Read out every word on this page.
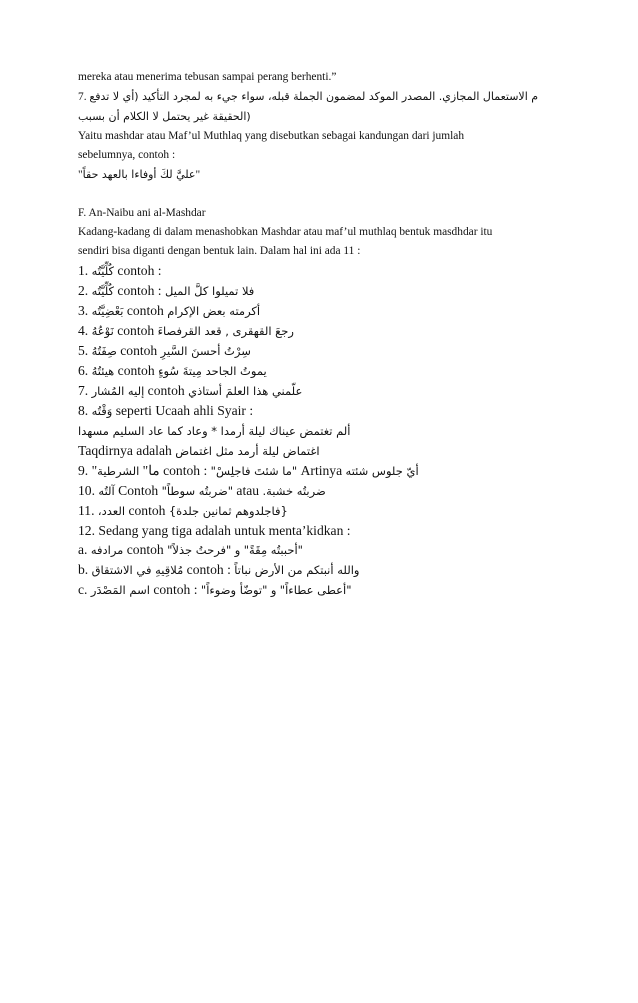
mereka atau menerima tebusan sampai perang berhenti.”
7. م الاستعمال المجازي. المصدر الموكد لمضمون الجملة قبله، سواء جيء به لمجرد التأكيد (أي لا تدفع
(الحقيقة غير يحتمل لا الكلام أن بسبب
Yaitu mashdar atau Maf’ul Muthlaq yang disebutkan sebagai kandungan dari jumlah
sebelumnya, contoh :
"عليَّ لكَ أوفاءا بالعهد حقاً"
F. An-Naibu ani al-Mashdar
Kadang-kadang di dalam menashobkan Mashdar atau maf’ul muthlaq bentuk masdhdar itu
sendiri bisa diganti dengan bentuk lain. Dalam hal ini ada 11 :
1. كُلِّيَّتُه contoh :
2. كُلِّيَّتُه contoh : فلا تميلوا كلَّ الميل
3. بَعْضِيَّتُه contoh أكرمته بعض الإكرام
4. نَوْعُهُ contoh رجعَ القهقرى , قعد القرفصاءَ
5. صِفَتُهُ contoh سِرْتُ أحسنَ السَّيرِ
6. هيئتُهُ contoh يموتُ الجاحد مِيتةَ سُوءٍ
7. إليه المُشار contoh علّمني هذا العلمَ أستاذي
8. وَقْتُه seperti Ucaah ahli Syair :
ألم تغتمض عيناك ليلة أرمدا * وعاد كما عاد السليم مسهدا
Taqdirnya adalah اغتماض ليلة أرمد مثل اغتماض
9. "ما" الشرطية contoh : "ما شئتَ فاجلِسْ" Artinya أيّ جلوس شئته
10. آلتُه Contoh "ضربتُه سوطاً" atau ضربتُه خشبة.
11. العدد، contoh {فاجلدوهم ثمانين جلدة}
12. Sedang yang tiga adalah untuk menta’kidkan :
a. مرادفه contoh "فرحتُ جذلاً" و "أحببتُه مِقَةً"
b. مُلاقِيهِ في الاشتقاق contoh : والله أنبتكم من الأرض نباتاً
c. اسم المَصْدَر contoh : "توضّأ وضوءاً" و "أعطى عطاءاً"
